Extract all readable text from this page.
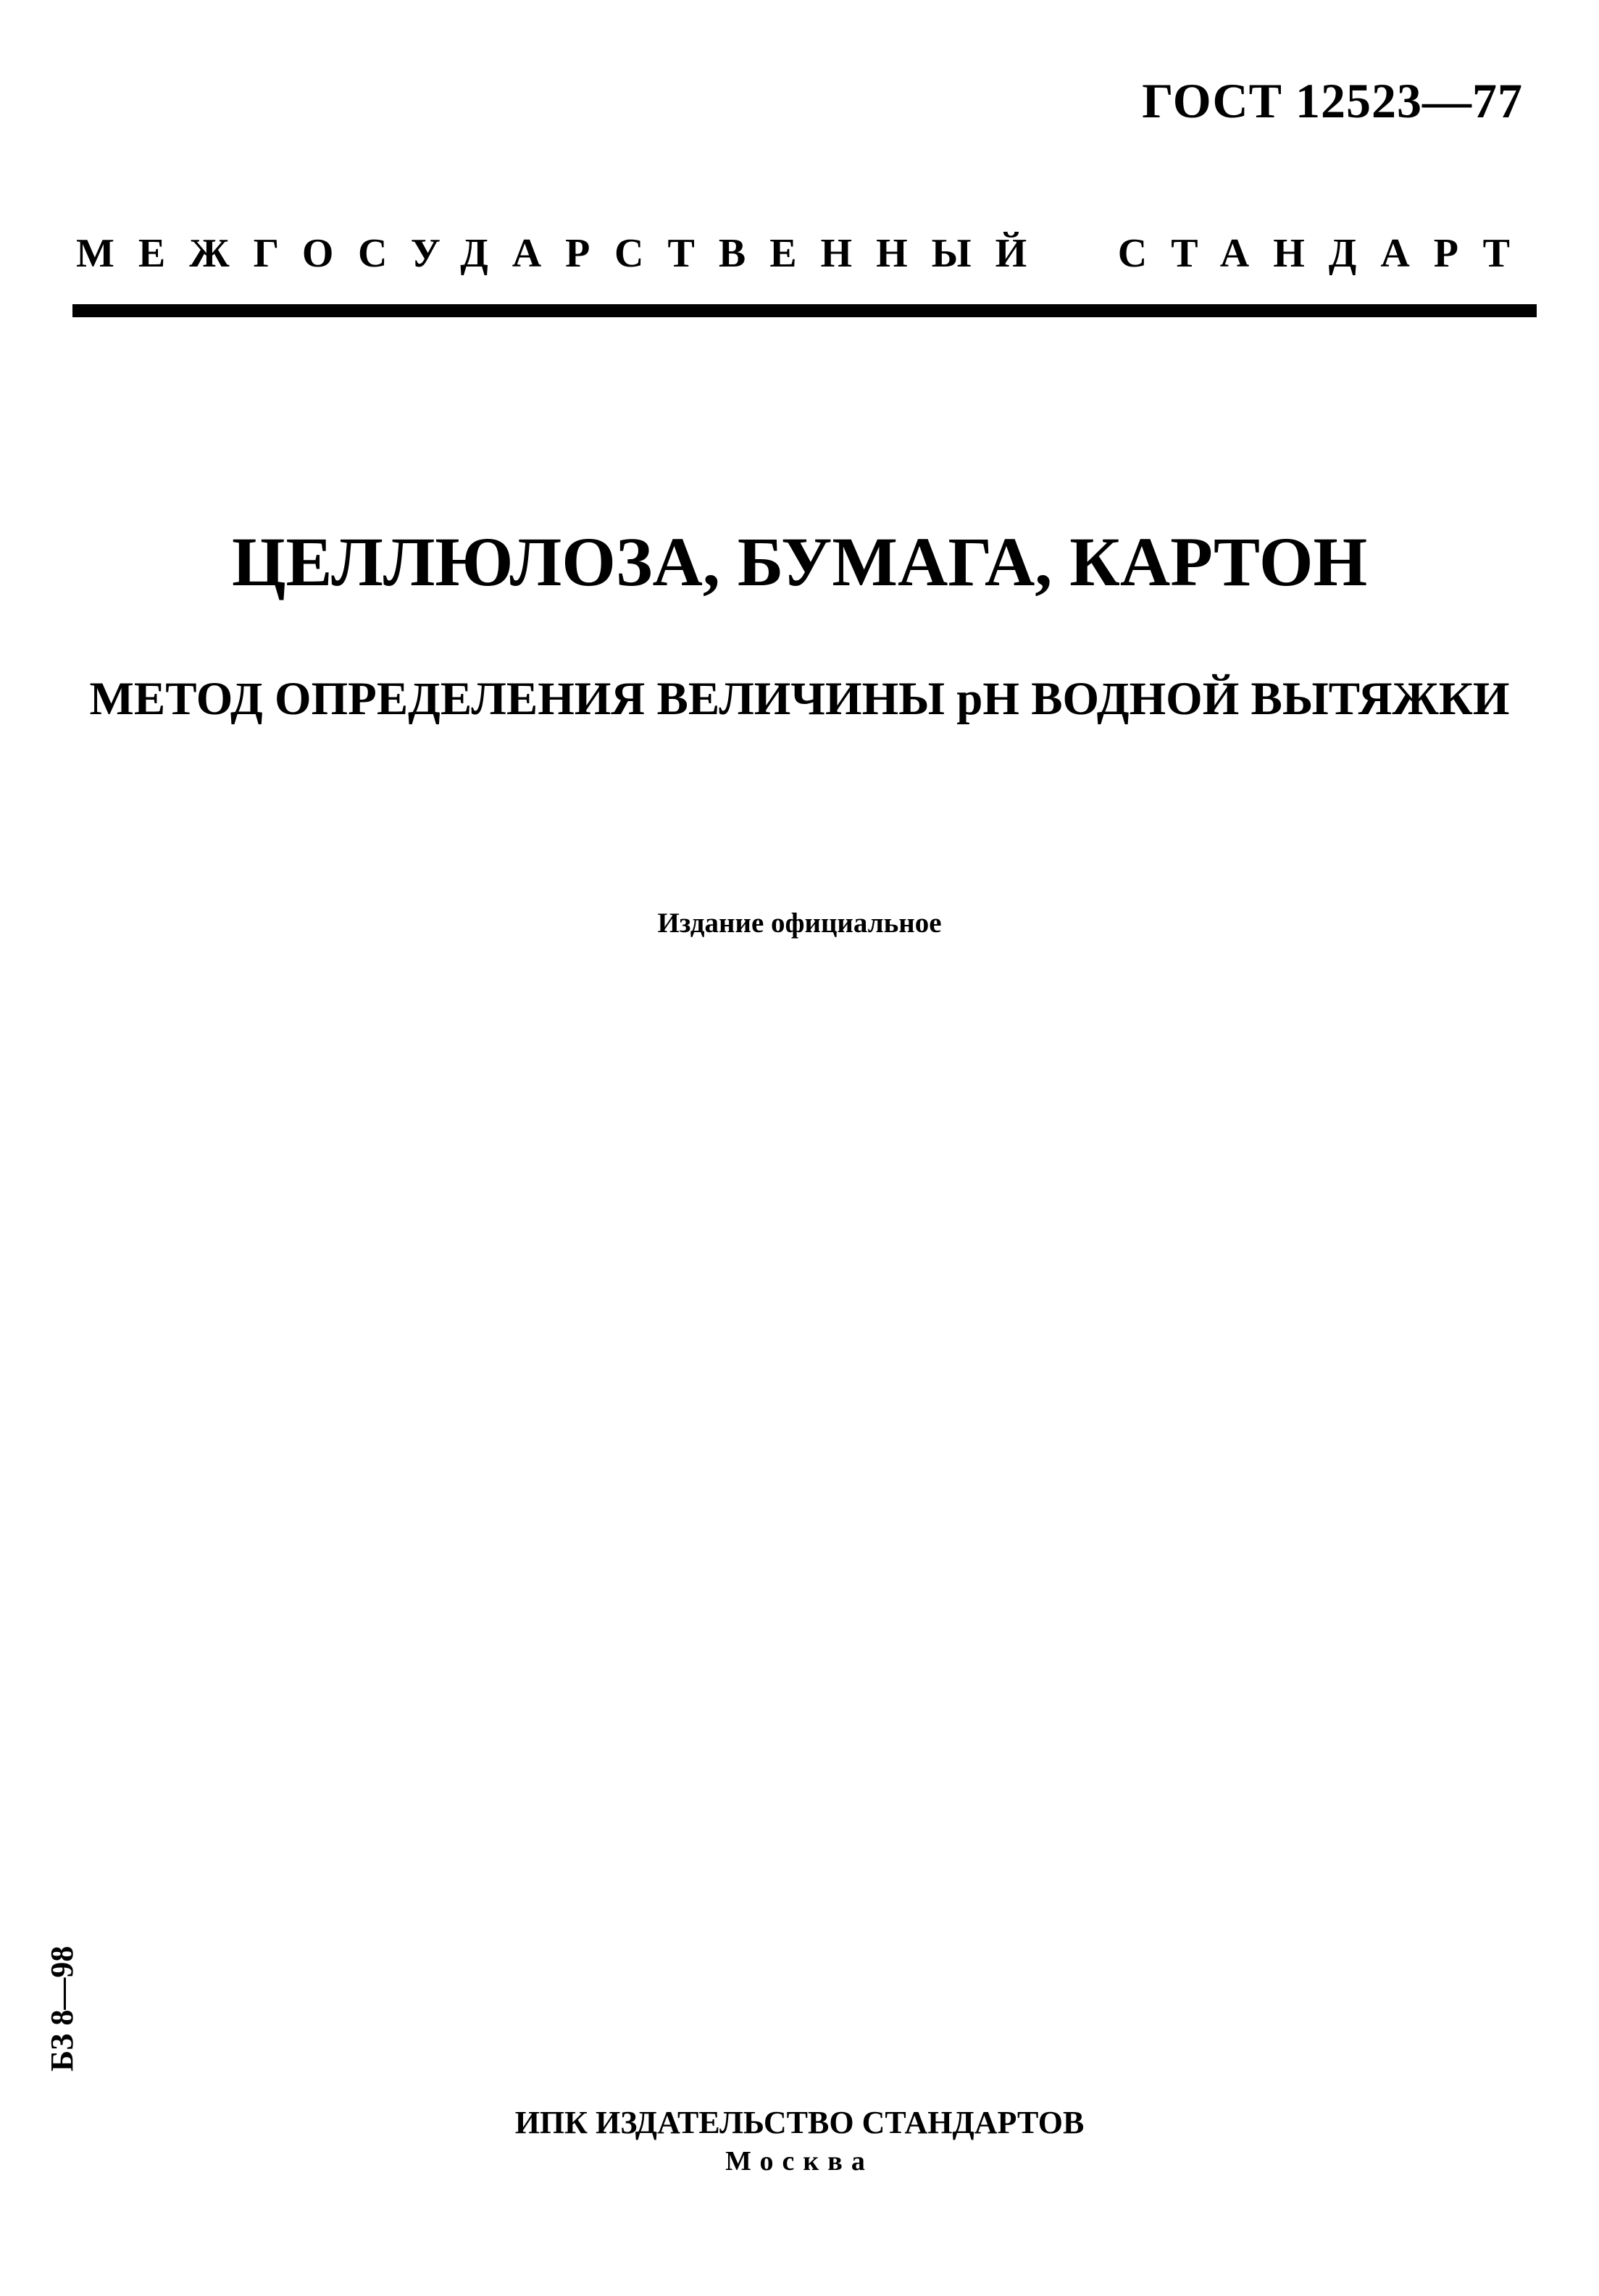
ГОСТ 12523—77
МЕЖГОСУДАРСТВЕННЫЙ СТАНДАРТ
ЦЕЛЛЮЛОЗА, БУМАГА, КАРТОН
МЕТОД ОПРЕДЕЛЕНИЯ ВЕЛИЧИНЫ pH ВОДНОЙ ВЫТЯЖКИ
Издание официальное
БЗ 8—98
ИПК ИЗДАТЕЛЬСТВО СТАНДАРТОВ
Москва
